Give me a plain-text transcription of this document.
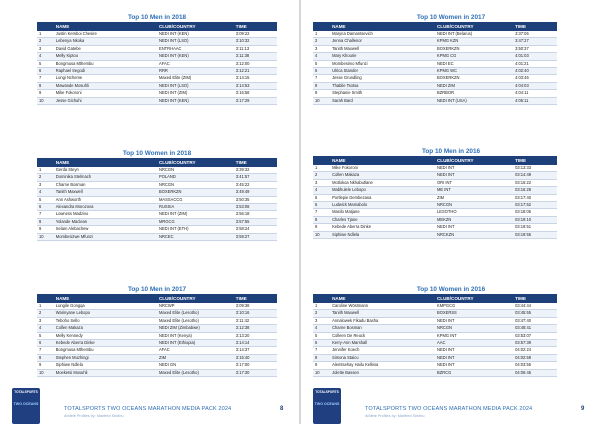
Top 10 Men in 2018
	NAME	CLUB/COUNTRY	TIME
1	Justin Kemboi Chesire	NEDI INT (KEN)	3:09:22
2	Lebenya Nkoka	NEDI INT (LSO)	3:10:32
3	David Gatebe	ENTRHAAC	3:11:13
4	Melly Kiptoo	NEDI INT (KEN)	3:11:38
5	Bongmusa Mthembu	AFAC	3:12:00
6	Raphael Segodi	RRR	3:12:21
7	Lungi Ncheme	Maxed Elite (ZIM)	3:14:15
8	Mawande Mosuhli	NEDI INT (LSO)	3:14:53
9	Mike Fokoroni	NEDI INT (ZIM)	3:16:58
10	Jesse Gichuhi	NEDI INT (KEN)	3:17:29
Top 10 Women in 2018
	NAME	CLUB/COUNTRY	TIME
1	Gerda Steyn	NRCGN	3:39:32
2	Dominika Stelmach	POLAND	3:41:57
3	Charne Bosman	NRCGN	3:45:22
4	Tanith Maxwell	BOXERKZN	3:49:49
5	Ann Ashworth	MASSACCG	3:50:35
6	Alexandra Morozova	RUSSIA	3:53:08
7	Lowness Madzivo	NEDI INT (ZIM)	3:56:18
8	Yolande Maclean	MRGCG	3:57:55
9	Selam Alebachew	NEDI INT (ETH)	3:58:24
10	Mombesizwe Mfunzi	NRCEC	3:59:27
Top 10 Men in 2017
	NAME	CLUB/COUNTRY	TIME
1	Lungile Gongqa	NRCWP	3:09:38
2	Warinyane Lebopo	Maxed Elite (Lesotho)	3:10:16
3	Teboho Sello	Maxed Elite (Lesotho)	3:11:42
4	Collen Makaza	NEDI ZIM (Zimbabwe)	3:12:38
5	Melly Kennedy	NEDI INT (Kenya)	3:13:20
6	Kebede Aberra Dinke	NEDI INT (Ethiopia)	3:14:14
7	Bongmusa Mthembu	AFAC	3:14:37
8	Stephen Muzhingi	ZIM	3:15:40
9	Siphiwe Ndlela	NEDI GN	3:17:00
10	Moeketsi Mosuhli	Maxed Elite (Lesotho)	3:17:30
TOTALSPORTS
TWO OCEANS
TOTALSPORTS TWO OCEANS MARATHON MEDIA PACK 2024
Athlete Profiles by: Manfred Sindhu
8
Top 10 Women in 2017
	NAME	CLUB/COUNTRY	TIME
1	Maryna Damantsevich	NEDI INT (Belarus)	3:37:06
2	Jenna Challenor	KPMG KZN	3:47:27
3	Tanith Maxwell	BOXERKZN	3:50:37
4	Mary Khourie	KPMG CG	4:01:03
5	Mombesimo Mfunzi	NEDI EC	4:01:21
6	Ulrica Stander	KPMG WC	4:02:40
7	Jesse Grundling	BOXERKZN	4:03:46
8	Thabile Tsotsa	NEDI ZIM	4:04:03
9	Stephanie Smith	BZRBOR	4:04:11
10	Sarah Bard	NEDI INT (USA)	4:05:11
Top 10 Men in 2016
	NAME	CLUB/COUNTRY	TIME
1	Mike Fokoroni	NEDI INT	03:13:33
2	Collen Makaza	NEDI INT	03:14:49
3	Motlokoa Nkhabutlane	ORI INT	03:16:22
4	Mabhulele Lebopo	ME INT	03:16:28
5	Portlepie Dembezana	ZIM	03:17:40
6	Ludwick Mamabolo	NRCGN	03:17:52
7	Masilo Matjane	LESOTHO	03:18:05
8	Charles Tjane	MEKZN	03:19:10
9	Kebede Aberra Dinke	NEDI INT	03:19:51
10	Siphiwe Ndlela	NRCKZN	03:19:55
Top 10 Women in 2016
	NAME	CLUB/COUNTRY	TIME
1	Caroline Wöstmann	KMPGCG	03:44:44
2	Tanith Maxwell	BOXERSS	03:45:55
3	Annalowek Fikadu Basha	NEDI INT	03:47:40
4	Charne Bosman	NRCGN	03:48:41
5	Colleen De Reuck	KPMG INT	03:53:07
6	Kerry-Ann Marshall	AAC	03:57:39
7	Jennifer Koech	NEDI INT	04:02:24
8	Simona Staicu	NEDI INT	04:02:59
9	Alemtsehay Hailu Kelkisa	NEDI INT	04:03:55
10	Jolette Bassen	BZRCG	04:06:45
TOTALSPORTS
TWO OCEANS
TOTALSPORTS TWO OCEANS MARATHON MEDIA PACK 2024
Athlete Profiles by: Manfred Sindhu
9
